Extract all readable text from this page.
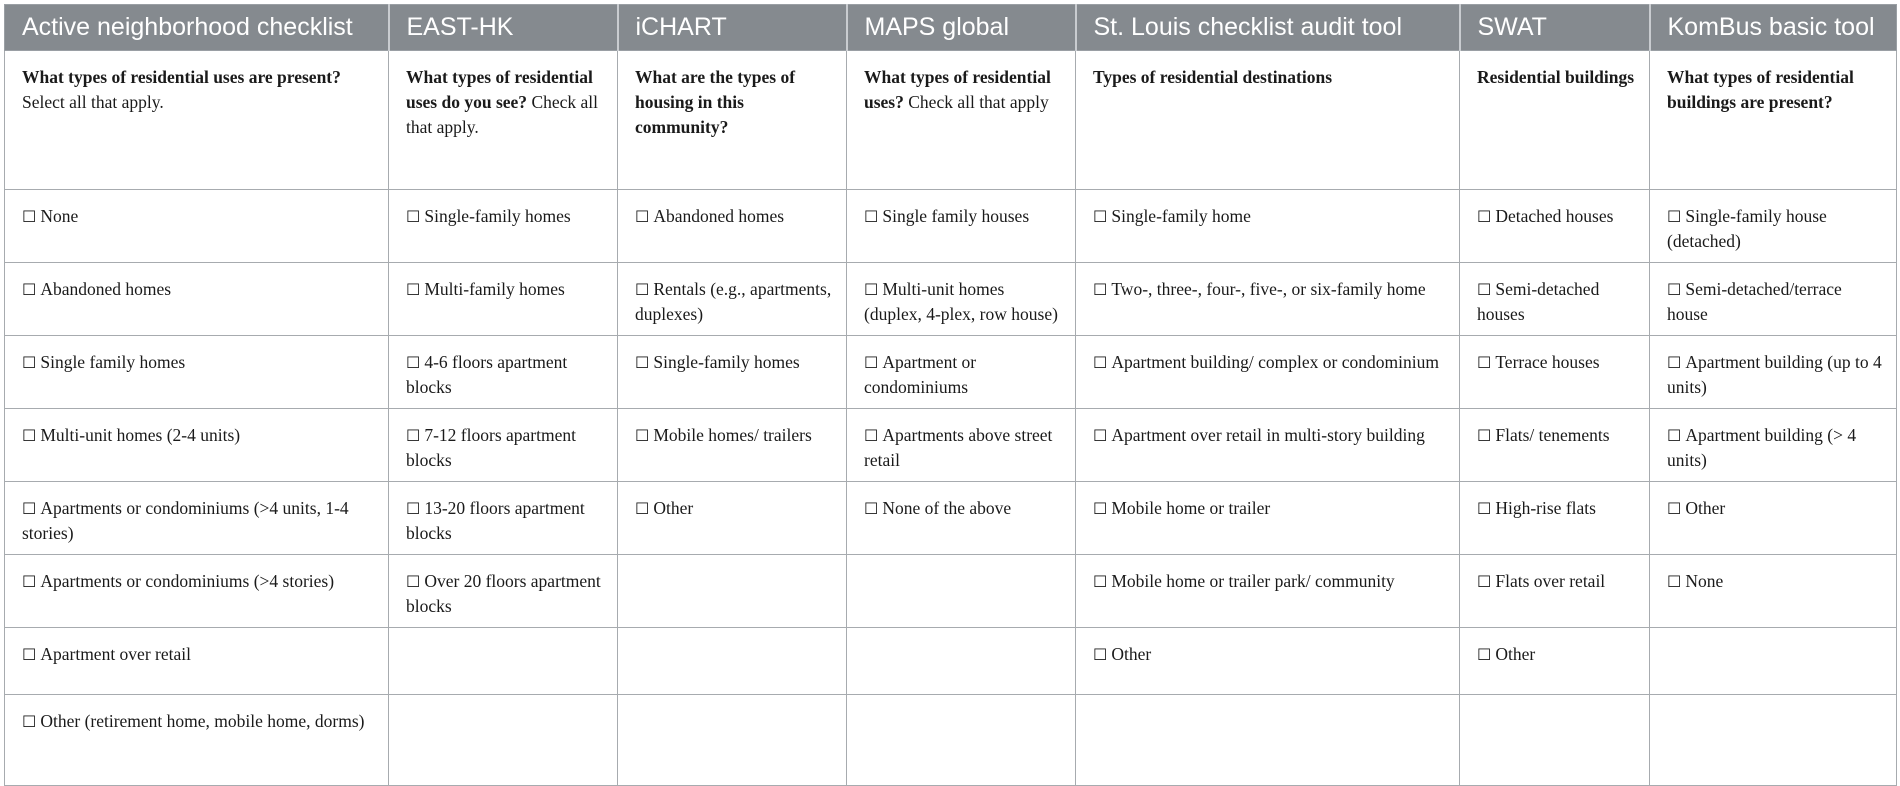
Active neighborhood checklist	EAST-HK	iCHART	MAPS global	St. Louis checklist audit tool	SWAT	KomBus basic tool
What types of residential uses are present? Select all that apply.	What types of residential uses do you see? Check all that apply.	What are the types of housing in this community?	What types of residential uses? Check all that apply	Types of residential destinations	Residential buildings	What types of residential buildings are present?
☐ None	☐ Single-family homes	☐ Abandoned homes	☐ Single family houses	☐ Single-family home	☐ Detached houses	☐ Single-family house (detached)
☐ Abandoned homes	☐ Multi-family homes	☐ Rentals (e.g., apartments, duplexes)	☐ Multi-unit homes (duplex, 4-plex, row house)	☐ Two-, three-, four-, five-, or six-family home	☐ Semi-detached houses	☐ Semi-detached/terrace house
☐ Single family homes	☐ 4-6 floors apartment blocks	☐ Single-family homes	☐ Apartment or condominiums	☐ Apartment building/ complex or condominium	☐ Terrace houses	☐ Apartment building (up to 4 units)
☐ Multi-unit homes (2-4 units)	☐ 7-12 floors apartment blocks	☐ Mobile homes/ trailers	☐ Apartments above street retail	☐ Apartment over retail in multi-story building	☐ Flats/ tenements	☐ Apartment building (> 4 units)
☐ Apartments or condominiums (>4 units, 1-4 stories)	☐ 13-20 floors apartment blocks	☐ Other	☐ None of the above	☐ Mobile home or trailer	☐ High-rise flats	☐ Other
☐ Apartments or condominiums (>4 stories)	☐ Over 20 floors apartment blocks			☐ Mobile home or trailer park/ community	☐ Flats over retail	☐ None
☐ Apartment over retail				☐ Other	☐ Other	
☐ Other (retirement home, mobile home, dorms)						
